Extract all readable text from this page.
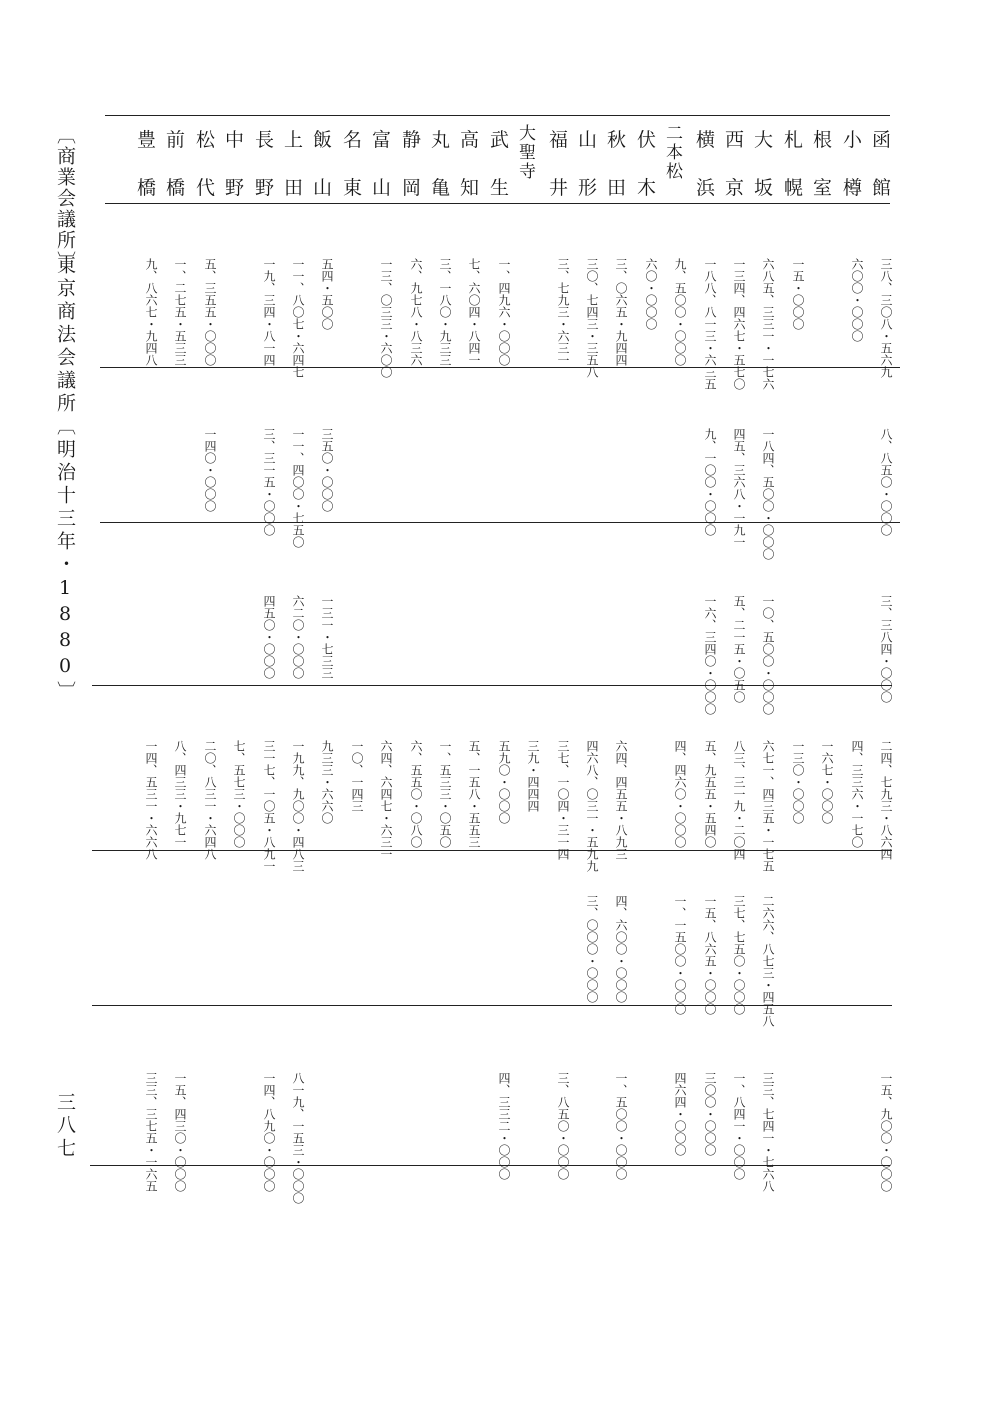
〔商業会議所〕
東京商法会議所〔明治十三年・1880〕
三八七
函
館
三八、三〇八・五六九
八、八五〇・〇〇〇
三、三八四・〇〇〇
二四、七九三・八六四
一五、九〇〇・〇〇〇
小
樽
六〇〇・〇〇〇
四、三三六・一七〇
根
室
一六七・〇〇〇
札
幌
一五・〇〇〇
一三〇・〇〇〇
大
坂
六八五、三三一・一七六
一八四、五〇〇・〇〇〇
一〇、五〇〇・〇〇〇
六七一、四三五・一七五
二六六、八七三・四五八
三三、七四一・七六八
西
京
一三四、四六七・五七〇
四五、三六八・一九一
五、二一五・〇五〇
八三、三一九・二〇四
三七、七五〇・〇〇〇
一、八四一・〇〇〇
横
浜
一八八、八一三・六三五
九、一〇〇・〇〇〇
一六、三四〇・〇〇〇
五、九五五・五四〇
一五、八六五・〇〇〇
三〇〇・〇〇〇
二
本
松
九、五〇〇・〇〇〇
四、四六〇・〇〇〇
一、一五〇〇・〇〇〇
四六四・〇〇〇
伏
木
六〇・〇〇〇
秋
田
三、〇六五・九四四
六四、四五五・八九三
四、六〇〇・〇〇〇
一、五〇〇・〇〇〇
山
形
三〇、七四三・三五八
四六八、〇三一・五九九
三、〇〇〇・〇〇〇
福
井
三、七九三・六三一
三七、一〇四・三一四
三、八五〇・〇〇〇
大
聖
寺
三九・四四四
武
生
一、四九六・〇〇〇
五九〇・〇〇〇
四、三三二・〇〇〇
高
知
七、六〇四・八四一
五、一五八・五五三
丸
亀
三、一八〇・九三三
一、五三三・〇五〇
静
岡
六、九七八・八三六
六、五五〇・〇八〇
富
山
一三、〇三三・六〇〇
六四、六四七・六三一
名
東
一〇、一四三
飯
山
五四・五〇〇
三五〇・〇〇〇
一三一・七三三
九三三・六六〇
上
田
一一、八〇七・六四七
一一、四〇〇・七五〇
六二〇・〇〇〇
一九九、九〇〇・四八三
八一九、一五三・〇〇〇
長
野
一九、三四・八一四
三、三一五・〇〇〇
四五〇・〇〇〇
三一七、一〇五・八九一
一四、八九〇・〇〇〇
中
野
七、五七三・〇〇〇
松
代
五、三五五・〇〇〇
一四〇・〇〇〇
二〇、八三一・六四八
前
橋
一、二七五・五三三
八、四三三・九七一
一五、四三〇・〇〇〇
豊
橋
九、八六七・九四八
一四、五三一・六六八
三三、三七五・一六五
